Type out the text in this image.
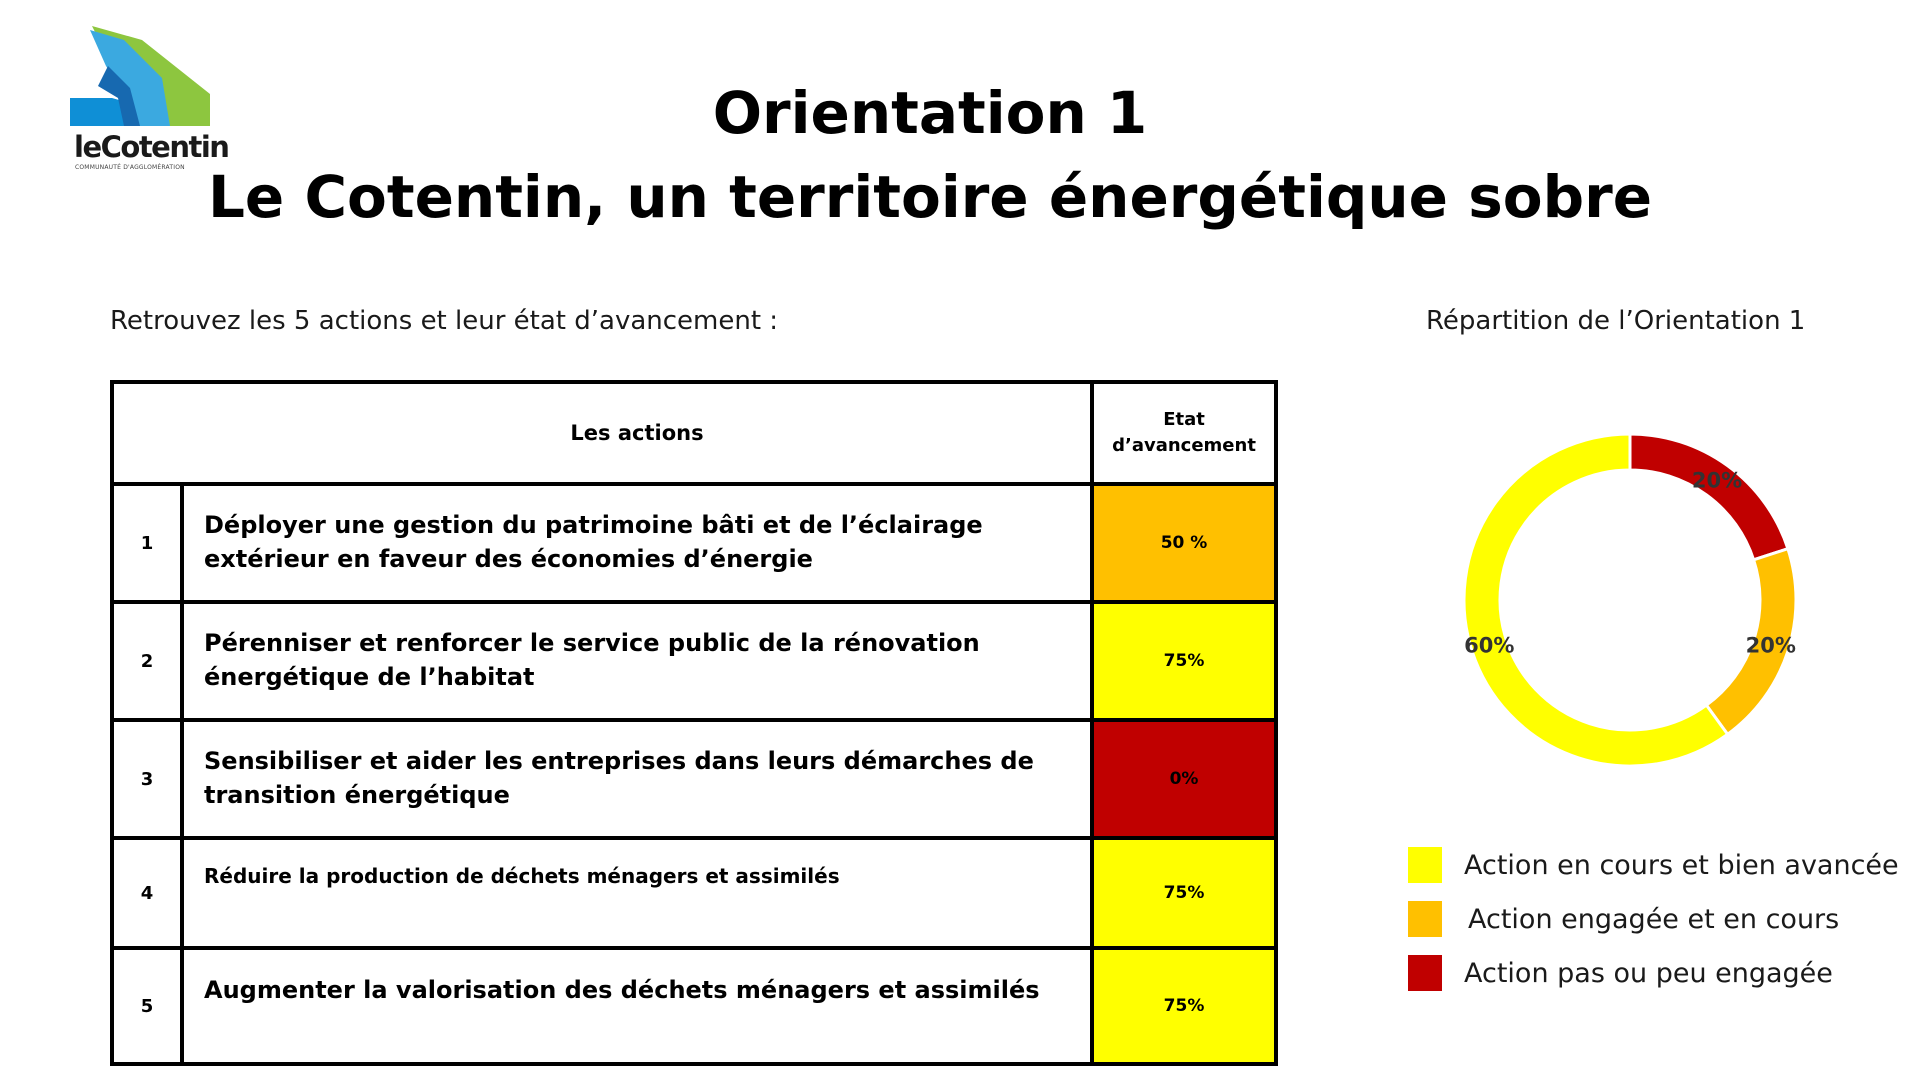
leCotentin
COMMUNAUTÉ D'AGGLOMÉRATION
Orientation 1
Le Cotentin, un territoire énergétique sobre
Retrouvez les 5 actions et leur état d’avancement :	Répartition de l’Orientation 1
Les actions		Etat
d’avancement
1	Déployer une gestion du patrimoine bâti et de l’éclairage extérieur en faveur des économies d’énergie	50 %
2	Pérenniser et renforcer le service public de la rénovation énergétique de l’habitat	75%
3	Sensibiliser et aider les entreprises dans leurs démarches de transition énergétique	0%
4	Réduire la production de déchets ménagers et assimilés	75%
5	Augmenter la valorisation des déchets ménagers et assimilés	75%
20%
20%
60%
Action en cours et bien avancée
Action engagée et en cours
Action pas ou peu engagée
